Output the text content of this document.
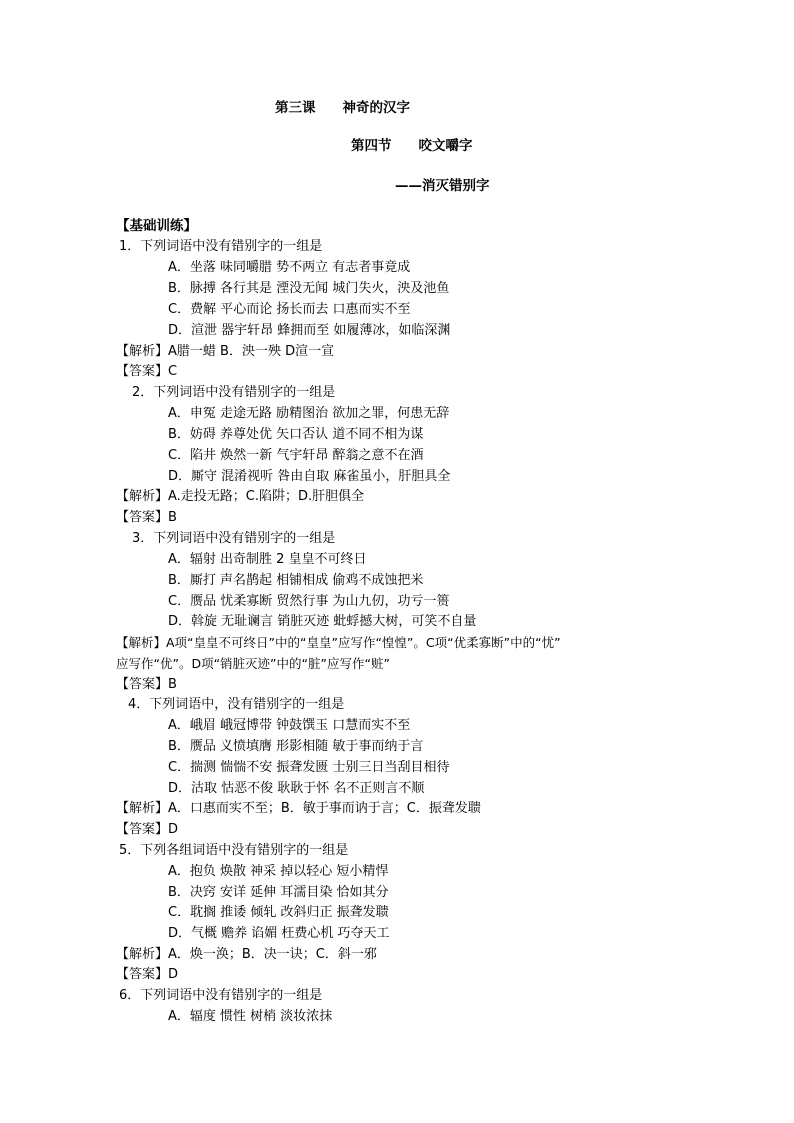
第三课　　神奇的汉字
第四节　　咬文嚼字
——消灭错别字
【基础训练】
1．下列词语中没有错别字的一组是
A．坐落 味同嚼腊 势不两立 有志者事竟成
B．脉搏 各行其是 湮没无闻 城门失火，泱及池鱼
C．费解 平心而论 扬长而去 口惠而实不至
D．渲泄 器宇轩昂 蜂拥而至 如履薄冰，如临深渊
【解析】A腊一蜡 B．泱一殃 D渲一宣
【答案】C
2．下列词语中没有错别字的一组是
A．申冤 走途无路 励精图治 欲加之罪，何患无辞
B．妨碍 养尊处优 矢口否认 道不同不相为谋
C．陷井 焕然一新 气宇轩昂 醉翁之意不在酒
D．厮守 混淆视听 咎由自取 麻雀虽小，肝胆具全
【解析】A.走投无路；C.陷阱；D.肝胆俱全
【答案】B
3．下列词语中没有错别字的一组是
A．辐射 出奇制胜 2 皇皇不可终日
B．厮打 声名鹊起 相铺相成 偷鸡不成蚀把米
C．赝品 忧柔寡断 贸然行事 为山九仞，功亏一篑
D．斡旋 无耻谰言 销脏灭迹 蚍蜉撼大树，可笑不自量
【解析】A项“皇皇不可终日”中的“皇皇”应写作“惶惶”。C项“优柔寡断”中的“忧”
应写作“优”。D项“销脏灭迹”中的“脏”应写作“赃”
【答案】B
4．下列词语中，没有错别字的一组是
A．峨眉 峨冠博带 钟鼓馔玉 口慧而实不至
B．赝品 义愤填膺 形影相随 敏于事而纳于言
C．揣测 惴惴不安 振聋发匮 士别三日当刮目相待
D．沽取 怙恶不俊 耿耿于怀 名不正则言不顺
【解析】A．口惠而实不至；B．敏于事而讷于言；C．振聋发聩
【答案】D
5．下列各组词语中没有错别字的一组是
A．抱负 焕散 神采 掉以轻心 短小精悍
B．决窍 安详 延伸 耳濡目染 恰如其分
C．耽搁 推诿 倾轧 改斜归正 振聋发聩
D．气概 赡养 谄媚 枉费心机 巧夺天工
【解析】A．焕一涣；B．决一诀；C．斜一邪
【答案】D
6．下列词语中没有错别字的一组是
A．辐度 惯性 树梢 淡妆浓抹
